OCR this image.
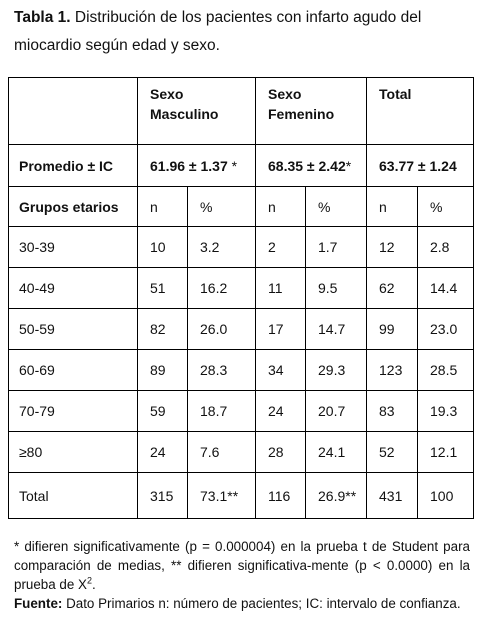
Tabla 1. Distribución de los pacientes con infarto agudo del miocardio según edad y sexo.
	Sexo Masculino		Sexo Femenino		Total	
Promedio ± IC	61.96 ± 1.37 *		68.35 ± 2.42*		63.77 ± 1.24	
Grupos etarios	n	%	n	%	n	%
30-39	10	3.2	2	1.7	12	2.8
40-49	51	16.2	11	9.5	62	14.4
50-59	82	26.0	17	14.7	99	23.0
60-69	89	28.3	34	29.3	123	28.5
70-79	59	18.7	24	20.7	83	19.3
≥80	24	7.6	28	24.1	52	12.1
Total	315	73.1**	116	26.9**	431	100

* difieren significativamente (p = 0.000004) en la prueba t de Student para comparación de medias, ** difieren significativa-mente (p < 0.0000) en la prueba de $X^2$.

Fuente: Dato Primarios n: número de pacientes; IC: intervalo de confianza.
